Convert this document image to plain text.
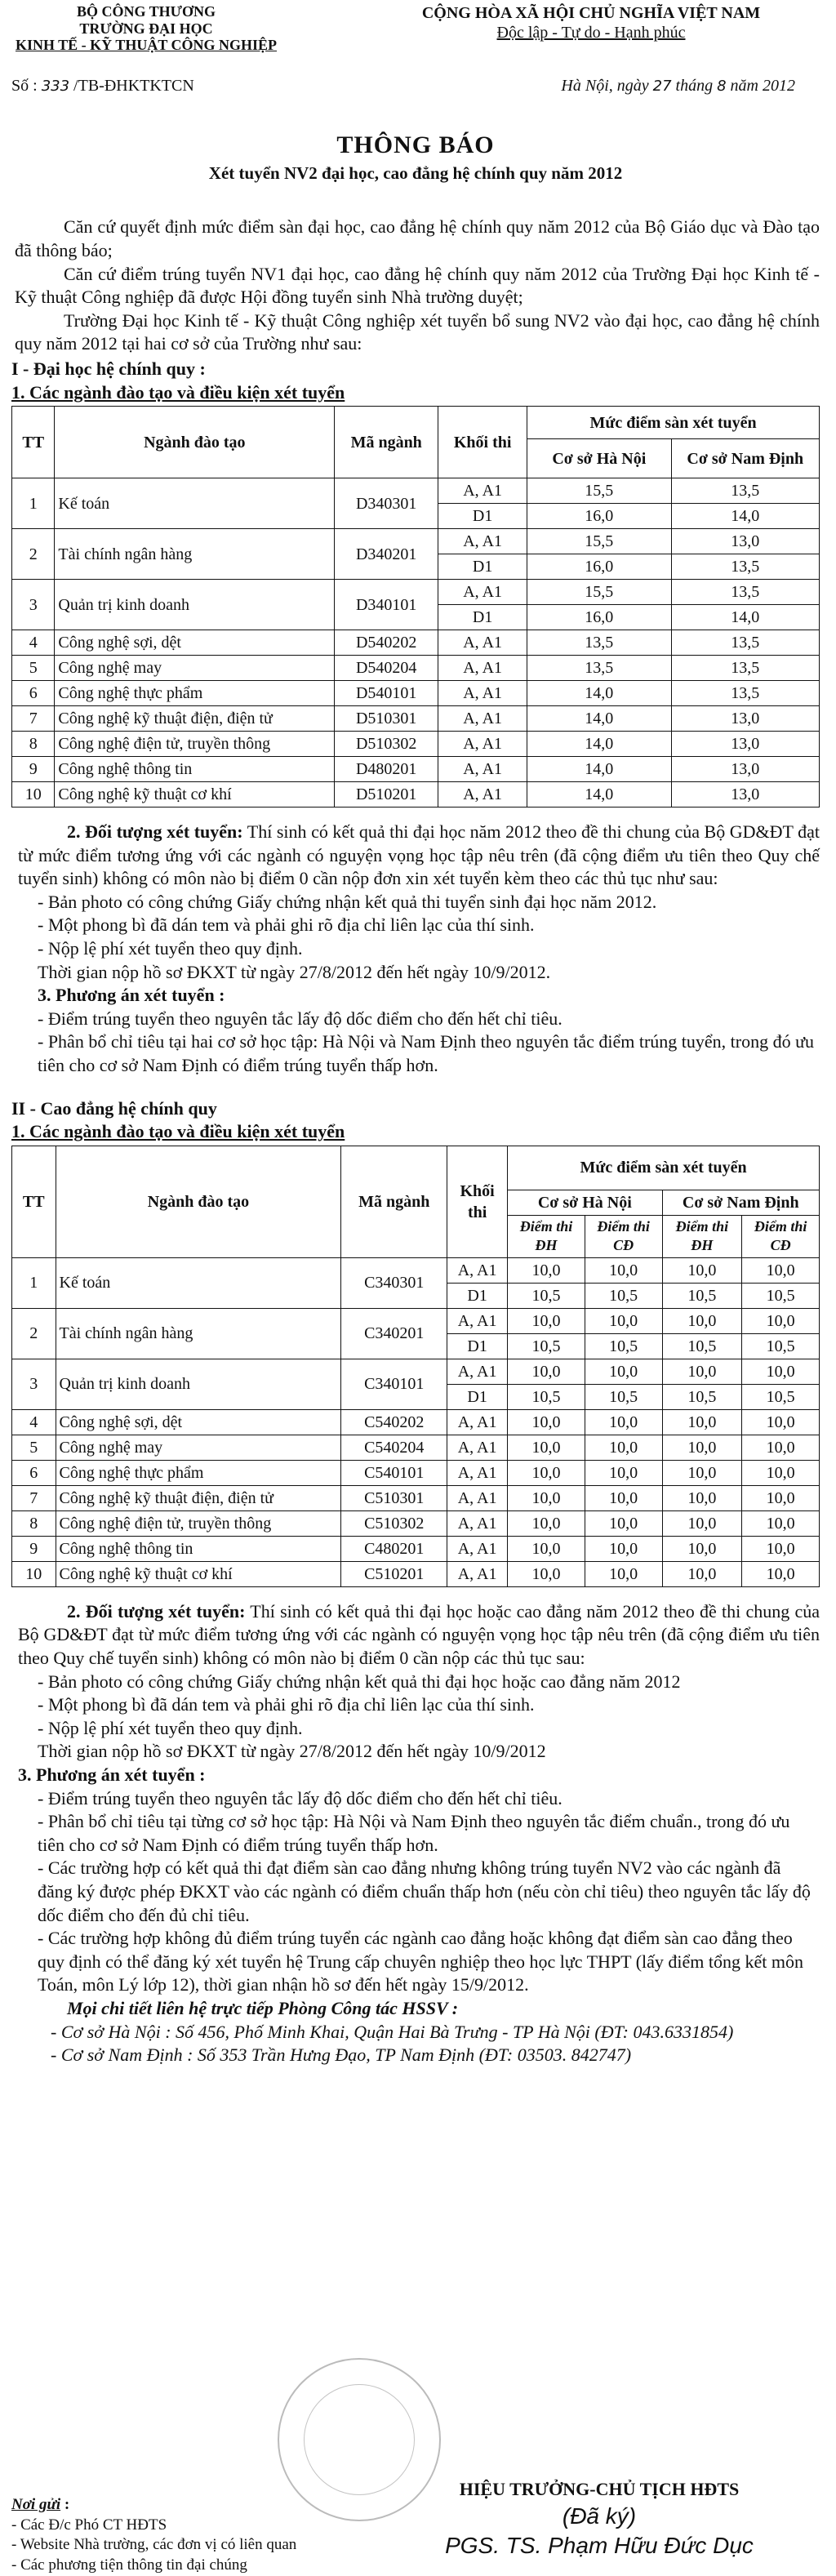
BỘ CÔNG THƯƠNG
TRƯỜNG ĐẠI HỌC
KINH TẾ - KỸ THUẬT CÔNG NGHIỆP
CỘNG HÒA XÃ HỘI CHỦ NGHĨA VIỆT NAM
Độc lập - Tự do - Hạnh phúc
Số : 333 /TB-ĐHKTKTCN	Hà Nội, ngày 27 tháng 8 năm 2012
THÔNG BÁO
Xét tuyển NV2 đại học, cao đẳng hệ chính quy năm 2012

Căn cứ quyết định mức điểm sàn đại học, cao đẳng hệ chính quy năm 2012 của Bộ Giáo dục và Đào tạo đã thông báo;

Căn cứ điểm trúng tuyển NV1 đại học, cao đẳng hệ chính quy năm 2012 của Trường Đại học Kinh tế - Kỹ thuật Công nghiệp đã được Hội đồng tuyển sinh Nhà trường duyệt;

Trường Đại học Kinh tế - Kỹ thuật Công nghiệp xét tuyển bổ sung NV2 vào đại học, cao đẳng hệ chính quy năm 2012 tại hai cơ sở của Trường như sau:

I - Đại học hệ chính quy :
1. Các ngành đào tạo và điều kiện xét tuyển
TT	Ngành đào tạo	Mã ngành	Khối thi	Mức điểm sàn xét tuyển	
				Cơ sở Hà Nội	Cơ sở Nam Định
1	Kế toán	D340301	A, A1	15,5	13,5
			D1	16,0	14,0
2	Tài chính ngân hàng	D340201	A, A1	15,5	13,0
			D1	16,0	13,5
3	Quản trị kinh doanh	D340101	A, A1	15,5	13,5
			D1	16,0	14,0
4	Công nghệ sợi, dệt	D540202	A, A1	13,5	13,5
5	Công nghệ may	D540204	A, A1	13,5	13,5
6	Công nghệ thực phẩm	D540101	A, A1	14,0	13,5
7	Công nghệ kỹ thuật điện, điện tử	D510301	A, A1	14,0	13,0
8	Công nghệ điện tử, truyền thông	D510302	A, A1	14,0	13,0
9	Công nghệ thông tin	D480201	A, A1	14,0	13,0
10	Công nghệ kỹ thuật cơ khí	D510201	A, A1	14,0	13,0

2. Đối tượng xét tuyển: Thí sinh có kết quả thi đại học năm 2012 theo đề thi chung của Bộ GD&ĐT đạt từ mức điểm tương ứng với các ngành có nguyện vọng học tập nêu trên (đã cộng điểm ưu tiên theo Quy chế tuyển sinh) không có môn nào bị điểm 0 cần nộp đơn xin xét tuyển kèm theo các thủ tục như sau:

- Bản photo có công chứng Giấy chứng nhận kết quả thi tuyển sinh đại học năm 2012.

- Một phong bì đã dán tem và phải ghi rõ địa chỉ liên lạc của thí sinh.

- Nộp lệ phí xét tuyển theo quy định.

Thời gian nộp hồ sơ ĐKXT từ ngày 27/8/2012 đến hết ngày 10/9/2012.

3. Phương án xét tuyển :

- Điểm trúng tuyển theo nguyên tắc lấy độ dốc điểm cho đến hết chỉ tiêu.

- Phân bổ chỉ tiêu tại hai cơ sở học tập: Hà Nội và Nam Định theo nguyên tắc điểm trúng tuyển, trong đó ưu tiên cho cơ sở Nam Định có điểm trúng tuyển thấp hơn.

II - Cao đẳng hệ chính quy
1. Các ngành đào tạo và điều kiện xét tuyển
TT	Ngành đào tạo	Mã ngành	Khối thi	Mức điểm sàn xét tuyển			
				Cơ sở Hà Nội		Cơ sở Nam Định	
				Điểm thi ĐH	Điểm thi CĐ	Điểm thi ĐH	Điểm thi CĐ
1	Kế toán	C340301	A, A1	10,0	10,0	10,0	10,0
			D1	10,5	10,5	10,5	10,5
2	Tài chính ngân hàng	C340201	A, A1	10,0	10,0	10,0	10,0
			D1	10,5	10,5	10,5	10,5
3	Quản trị kinh doanh	C340101	A, A1	10,0	10,0	10,0	10,0
			D1	10,5	10,5	10,5	10,5
4	Công nghệ sợi, dệt	C540202	A, A1	10,0	10,0	10,0	10,0
5	Công nghệ may	C540204	A, A1	10,0	10,0	10,0	10,0
6	Công nghệ thực phẩm	C540101	A, A1	10,0	10,0	10,0	10,0
7	Công nghệ kỹ thuật điện, điện tử	C510301	A, A1	10,0	10,0	10,0	10,0
8	Công nghệ điện tử, truyền thông	C510302	A, A1	10,0	10,0	10,0	10,0
9	Công nghệ thông tin	C480201	A, A1	10,0	10,0	10,0	10,0
10	Công nghệ kỹ thuật cơ khí	C510201	A, A1	10,0	10,0	10,0	10,0

2. Đối tượng xét tuyển: Thí sinh có kết quả thi đại học hoặc cao đẳng năm 2012 theo đề thi chung của Bộ GD&ĐT đạt từ mức điểm tương ứng với các ngành có nguyện vọng học tập nêu trên (đã cộng điểm ưu tiên theo Quy chế tuyển sinh) không có môn nào bị điểm 0 cần nộp các thủ tục sau:

- Bản photo có công chứng Giấy chứng nhận kết quả thi đại học hoặc cao đẳng năm 2012

- Một phong bì đã dán tem và phải ghi rõ địa chỉ liên lạc của thí sinh.

- Nộp lệ phí xét tuyển theo quy định.

Thời gian nộp hồ sơ ĐKXT từ ngày 27/8/2012 đến hết ngày 10/9/2012

3. Phương án xét tuyển :

- Điểm trúng tuyển theo nguyên tắc lấy độ dốc điểm cho đến hết chỉ tiêu.

- Phân bổ chỉ tiêu tại từng cơ sở học tập: Hà Nội và Nam Định theo nguyên tắc điểm chuẩn., trong đó ưu tiên cho cơ sở Nam Định có điểm trúng tuyển thấp hơn.

- Các trường hợp có kết quả thi đạt điểm sàn cao đẳng nhưng không trúng tuyển NV2 vào các ngành đã đăng ký được phép ĐKXT vào các ngành có điểm chuẩn thấp hơn (nếu còn chỉ tiêu) theo nguyên tắc lấy độ dốc điểm cho đến đủ chỉ tiêu.

- Các trường hợp không đủ điểm trúng tuyển các ngành cao đẳng hoặc không đạt điểm sàn cao đẳng theo quy định có thể đăng ký xét tuyển hệ Trung cấp chuyên nghiệp theo học lực THPT (lấy điểm tổng kết môn Toán, môn Lý lớp 12), thời gian nhận hồ sơ đến hết ngày 15/9/2012.

Mọi chi tiết liên hệ trực tiếp Phòng Công tác HSSV :

- Cơ sở Hà Nội : Số 456, Phố Minh Khai, Quận Hai Bà Trưng - TP Hà Nội (ĐT: 043.6331854)

- Cơ sở Nam Định : Số 353 Trần Hưng Đạo, TP Nam Định (ĐT: 03503. 842747)

Nơi gửi :
- Các Đ/c Phó CT HĐTS
- Website Nhà trường, các đơn vị có liên quan
- Các phương tiện thông tin đại chúng
HIỆU TRƯỞNG-CHỦ TỊCH HĐTS
(Đã ký)
PGS. TS. Phạm Hữu Đức Dục
